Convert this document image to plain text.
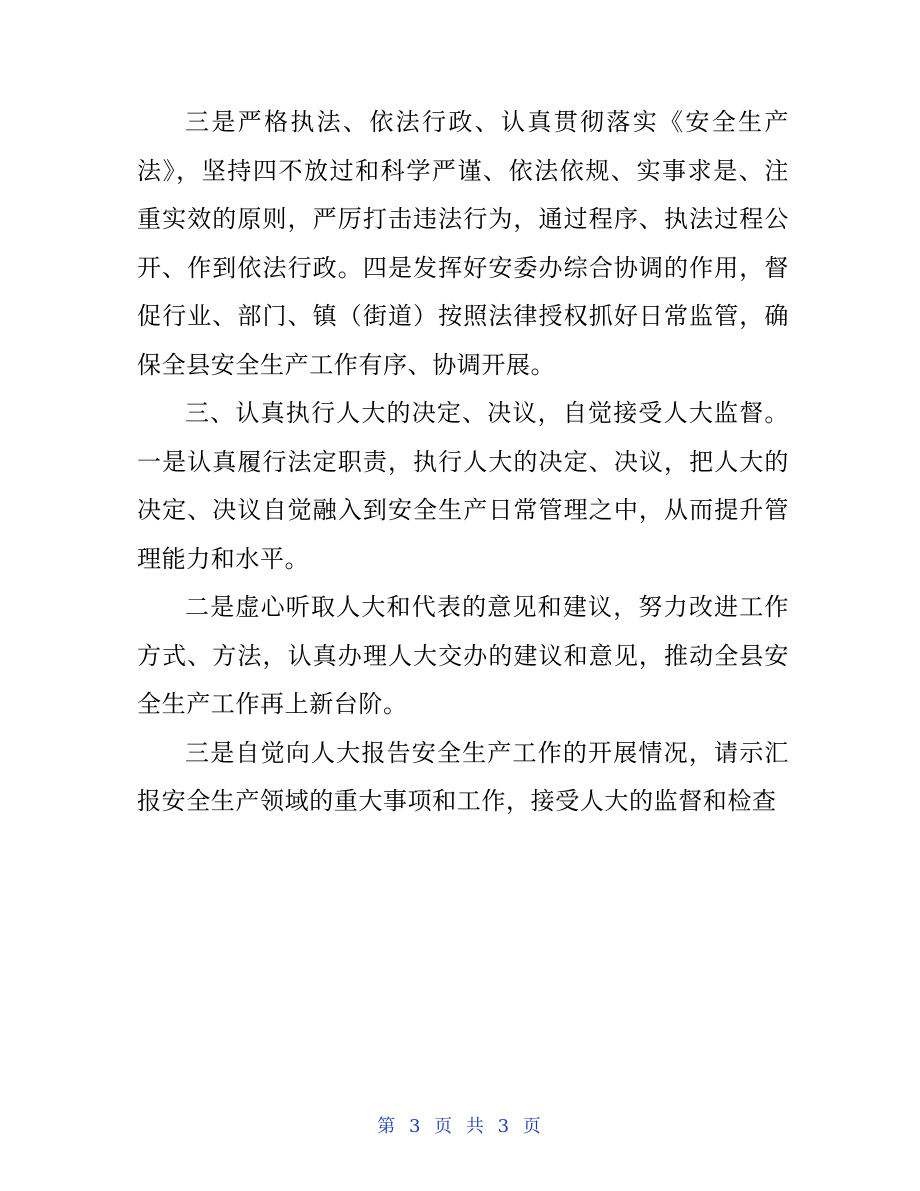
三是严格执法、依法行政、认真贯彻落实《安全生产法》，坚持四不放过和科学严谨、依法依规、实事求是、注重实效的原则，严厉打击违法行为，通过程序、执法过程公开、作到依法行政。四是发挥好安委办综合协调的作用，督促行业、部门、镇（街道）按照法律授权抓好日常监管，确保全县安全生产工作有序、协调开展。

三、认真执行人大的决定、决议，自觉接受人大监督。一是认真履行法定职责，执行人大的决定、决议，把人大的决定、决议自觉融入到安全生产日常管理之中，从而提升管理能力和水平。

二是虚心听取人大和代表的意见和建议，努力改进工作方式、方法，认真办理人大交办的建议和意见，推动全县安全生产工作再上新台阶。

三是自觉向人大报告安全生产工作的开展情况，请示汇报安全生产领域的重大事项和工作，接受人大的监督和检查

第 3 页 共 3 页
